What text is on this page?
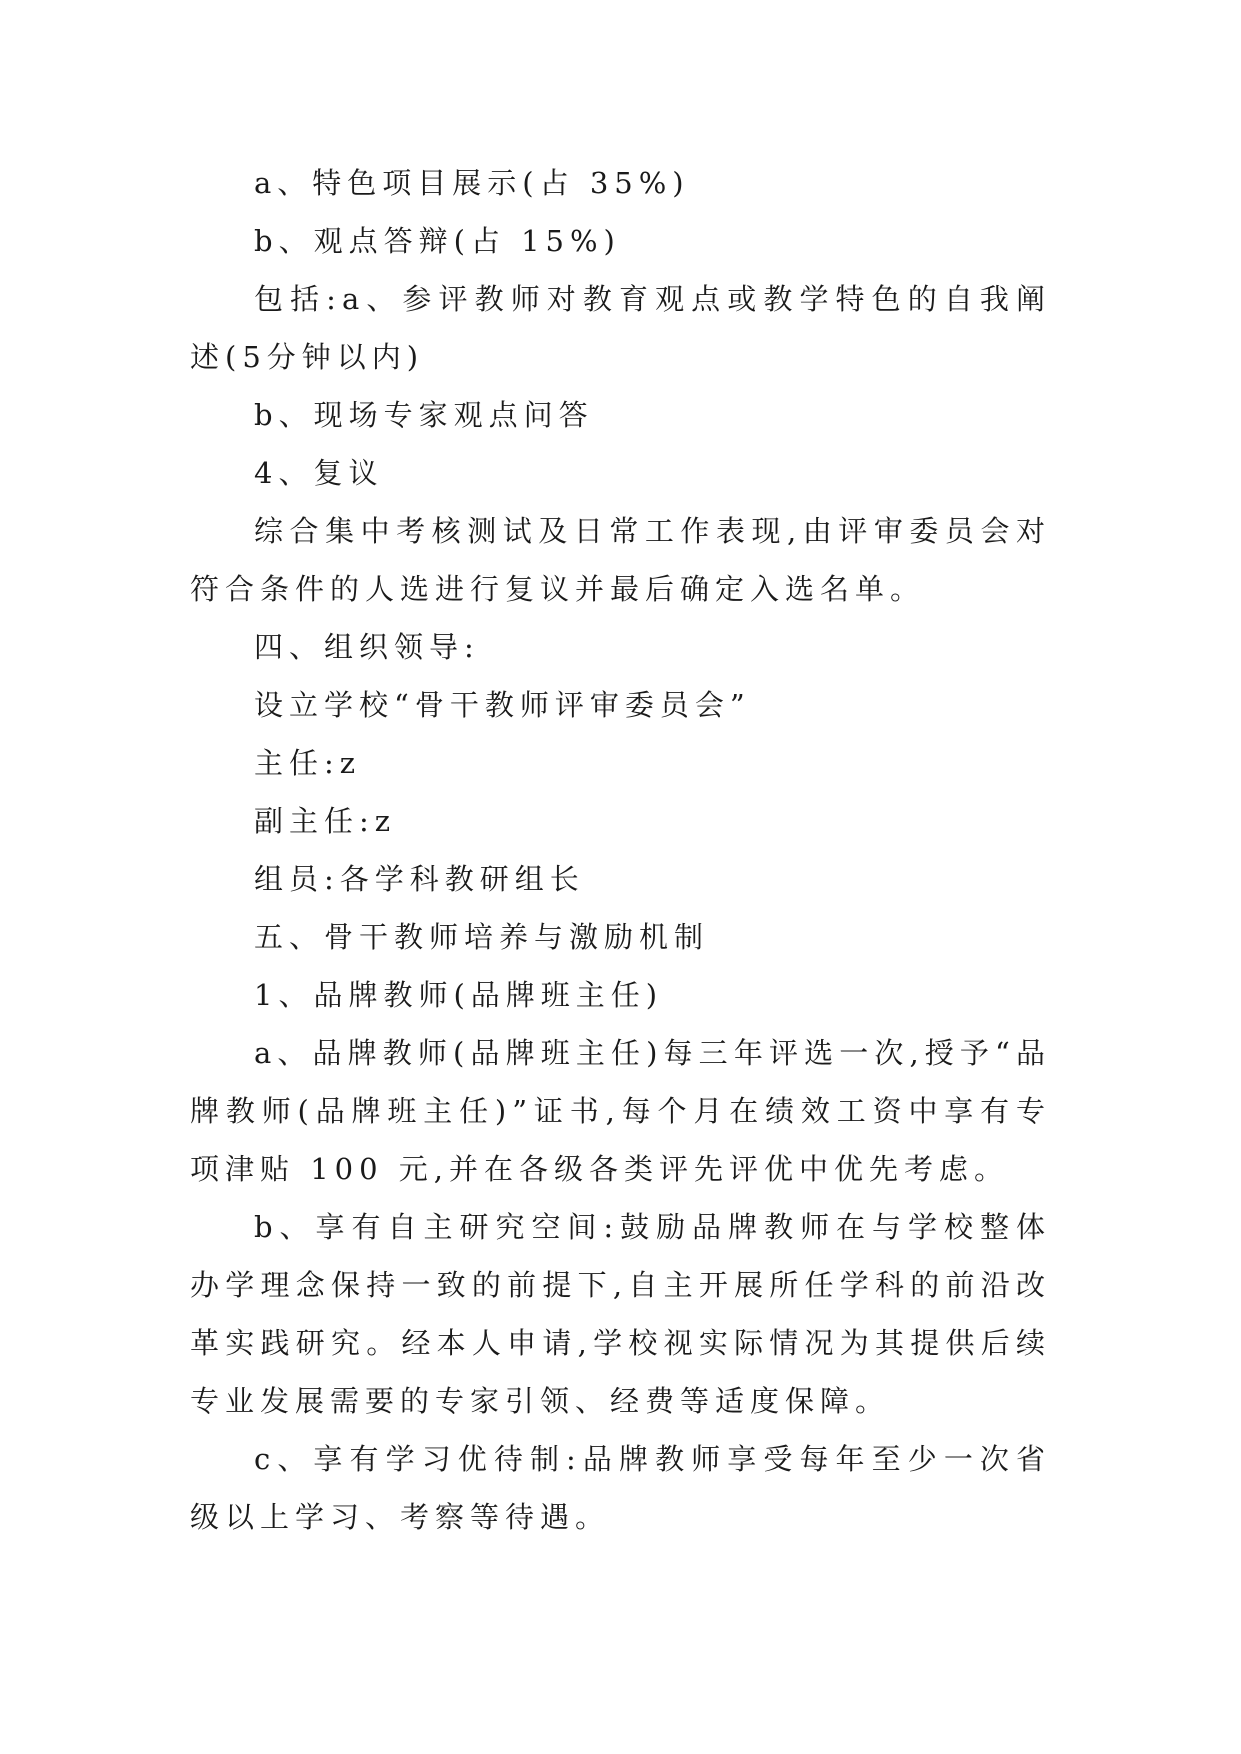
a、特色项目展示(占 35%)

b、观点答辩(占 15%)

包括:a、参评教师对教育观点或教学特色的自我阐述(5分钟以内)

b、现场专家观点问答

4、复议

综合集中考核测试及日常工作表现,由评审委员会对符合条件的人选进行复议并最后确定入选名单。

四、组织领导:

设立学校“骨干教师评审委员会”

主任:z

副主任:z

组员:各学科教研组长

五、骨干教师培养与激励机制

1、品牌教师(品牌班主任)

a、品牌教师(品牌班主任)每三年评选一次,授予“品牌教师(品牌班主任)”证书,每个月在绩效工资中享有专项津贴 100 元,并在各级各类评先评优中优先考虑。

b、享有自主研究空间:鼓励品牌教师在与学校整体办学理念保持一致的前提下,自主开展所任学科的前沿改革实践研究。经本人申请,学校视实际情况为其提供后续专业发展需要的专家引领、经费等适度保障。

c、享有学习优待制:品牌教师享受每年至少一次省级以上学习、考察等待遇。
